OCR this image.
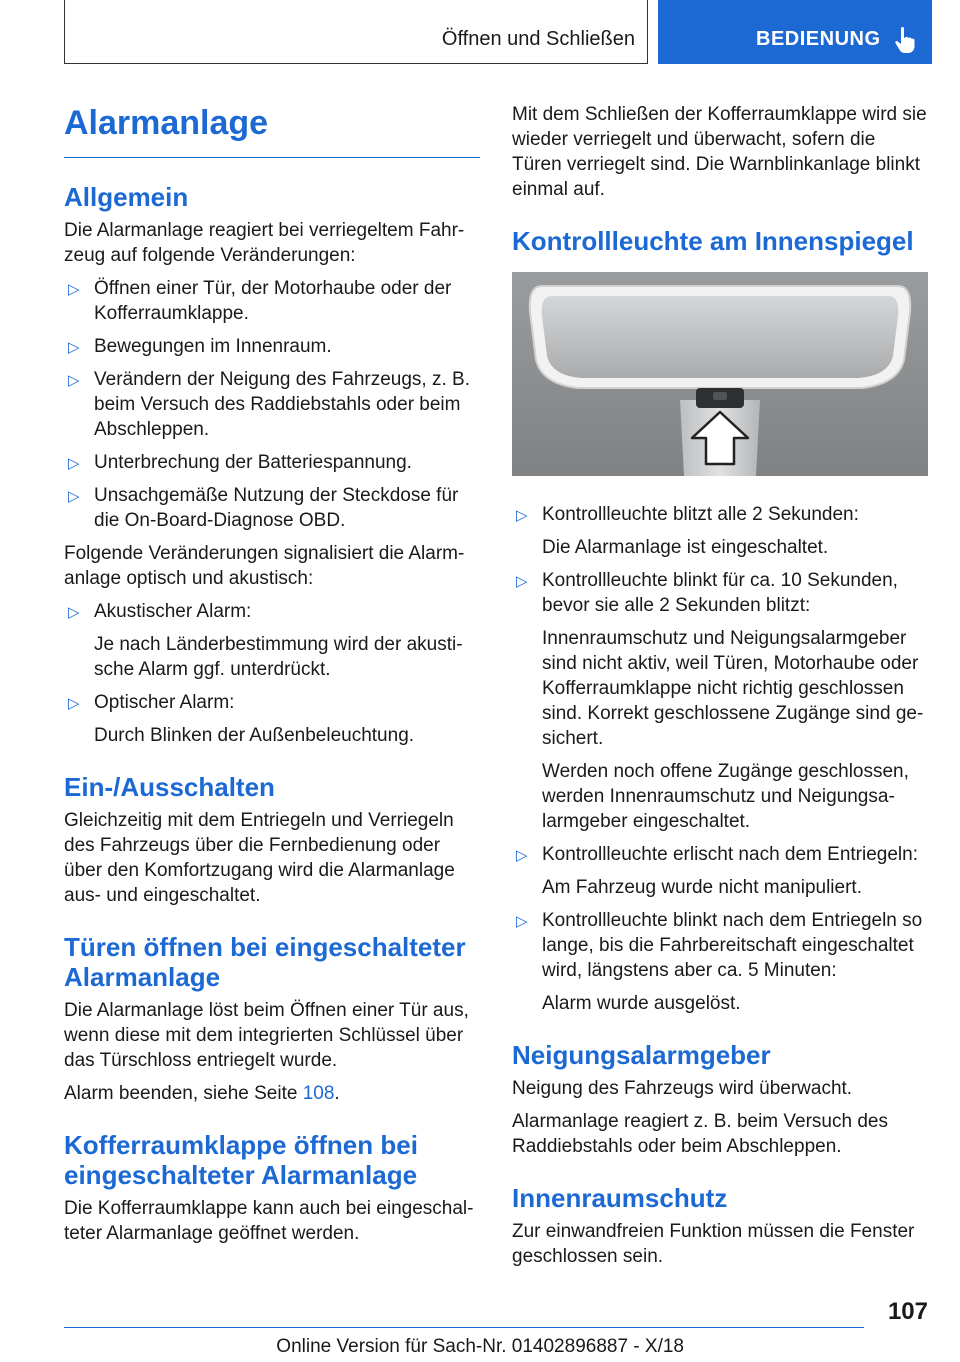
Öffnen und Schließen	BEDIENUNG
Alarmanlage
Allgemein

Die Alarmanlage reagiert bei verriegeltem Fahr-zeug auf folgende Veränderungen:

▷ Öffnen einer Tür, der Motorhaube oder der Kofferraumklappe.
▷ Bewegungen im Innenraum.
▷ Verändern der Neigung des Fahrzeugs, z. B. beim Versuch des Raddiebstahls oder beim Abschleppen.
▷ Unterbrechung der Batteriespannung.
▷ Unsachgemäße Nutzung der Steckdose für die On-Board-Diagnose OBD.

Folgende Veränderungen signalisiert die Alarm-anlage optisch und akustisch:

▷ Akustischer Alarm:
Je nach Länderbestimmung wird der akusti-sche Alarm ggf. unterdrückt.
▷ Optischer Alarm:
Durch Blinken der Außenbeleuchtung.
Ein-/Ausschalten

Gleichzeitig mit dem Entriegeln und Verriegeln des Fahrzeugs über die Fernbedienung oder über den Komfortzugang wird die Alarmanlage aus- und eingeschaltet.

Türen öffnen bei eingeschalteter Alarmanlage

Die Alarmanlage löst beim Öffnen einer Tür aus, wenn diese mit dem integrierten Schlüssel über das Türschloss entriegelt wurde.

Alarm beenden, siehe Seite 108.

Kofferraumklappe öffnen bei eingeschalteter Alarmanlage

Die Kofferraumklappe kann auch bei eingeschal-teter Alarmanlage geöffnet werden.

Mit dem Schließen der Kofferraumklappe wird sie wieder verriegelt und überwacht, sofern die Türen verriegelt sind. Die Warnblinkanlage blinkt einmal auf.

Kontrollleuchte am Innenspiegel
▷ Kontrollleuchte blitzt alle 2 Sekunden:
Die Alarmanlage ist eingeschaltet.
▷ Kontrollleuchte blinkt für ca. 10 Sekunden, bevor sie alle 2 Sekunden blitzt:
Innenraumschutz und Neigungsalarmgeber sind nicht aktiv, weil Türen, Motorhaube oder Kofferraumklappe nicht richtig geschlossen sind. Korrekt geschlossene Zugänge sind ge-sichert.
Werden noch offene Zugänge geschlossen, werden Innenraumschutz und Neigungsa-larmgeber eingeschaltet.
▷ Kontrollleuchte erlischt nach dem Entriegeln:
Am Fahrzeug wurde nicht manipuliert.
▷ Kontrollleuchte blinkt nach dem Entriegeln so lange, bis die Fahrbereitschaft eingeschaltet wird, längstens aber ca. 5 Minuten:
Alarm wurde ausgelöst.
Neigungsalarmgeber

Neigung des Fahrzeugs wird überwacht.

Alarmanlage reagiert z. B. beim Versuch des Raddiebstahls oder beim Abschleppen.

Innenraumschutz

Zur einwandfreien Funktion müssen die Fenster geschlossen sein.

107
Online Version für Sach-Nr. 01402896887 - X/18
